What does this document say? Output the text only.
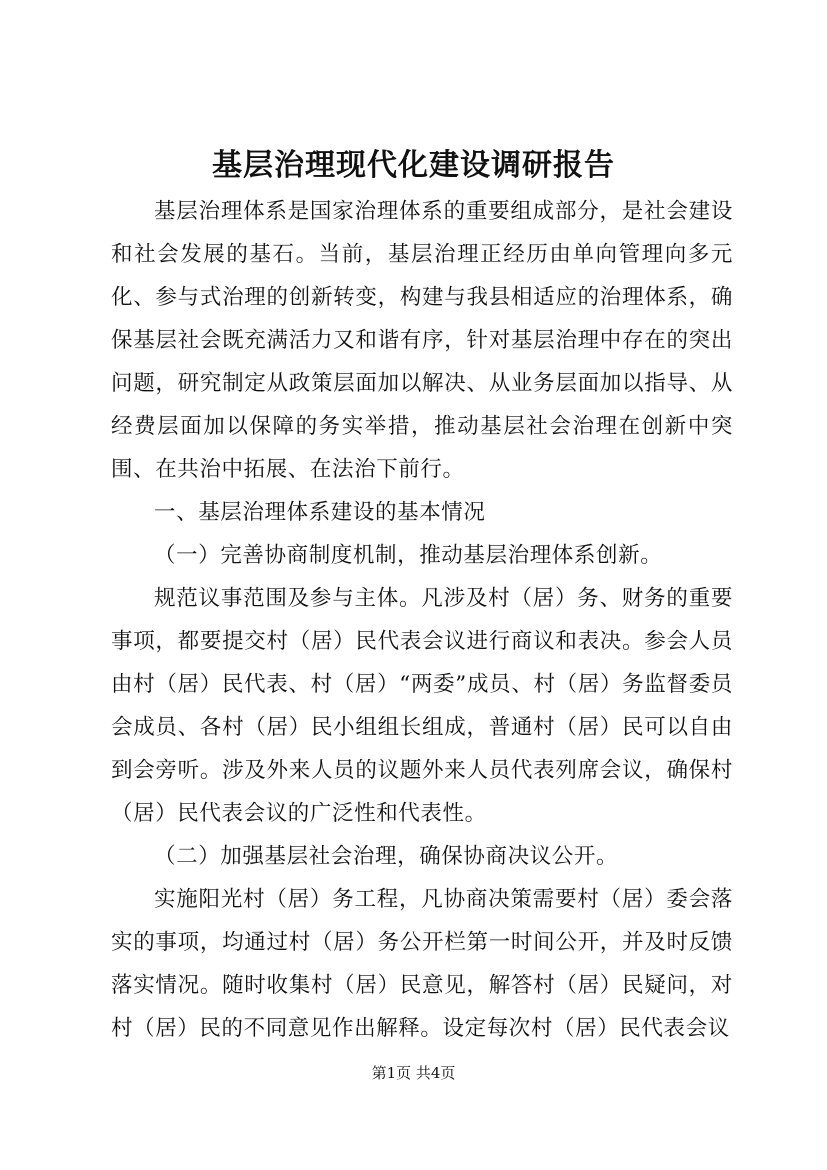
基层治理现代化建设调研报告

基层治理体系是国家治理体系的重要组成部分，是社会建设和社会发展的基石。当前，基层治理正经历由单向管理向多元化、参与式治理的创新转变，构建与我县相适应的治理体系，确保基层社会既充满活力又和谐有序，针对基层治理中存在的突出问题，研究制定从政策层面加以解决、从业务层面加以指导、从经费层面加以保障的务实举措，推动基层社会治理在创新中突围、在共治中拓展、在法治下前行。

一、基层治理体系建设的基本情况

（一）完善协商制度机制，推动基层治理体系创新。

规范议事范围及参与主体。凡涉及村（居）务、财务的重要事项，都要提交村（居）民代表会议进行商议和表决。参会人员由村（居）民代表、村（居）“两委”成员、村（居）务监督委员会成员、各村（居）民小组组长组成，普通村（居）民可以自由到会旁听。涉及外来人员的议题外来人员代表列席会议，确保村（居）民代表会议的广泛性和代表性。

（二）加强基层社会治理，确保协商决议公开。

实施阳光村（居）务工程，凡协商决策需要村（居）委会落实的事项，均通过村（居）务公开栏第一时间公开，并及时反馈落实情况。随时收集村（居）民意见，解答村（居）民疑问，对村（居）民的不同意见作出解释。设定每次村（居）民代表会议

第1页 共4页
